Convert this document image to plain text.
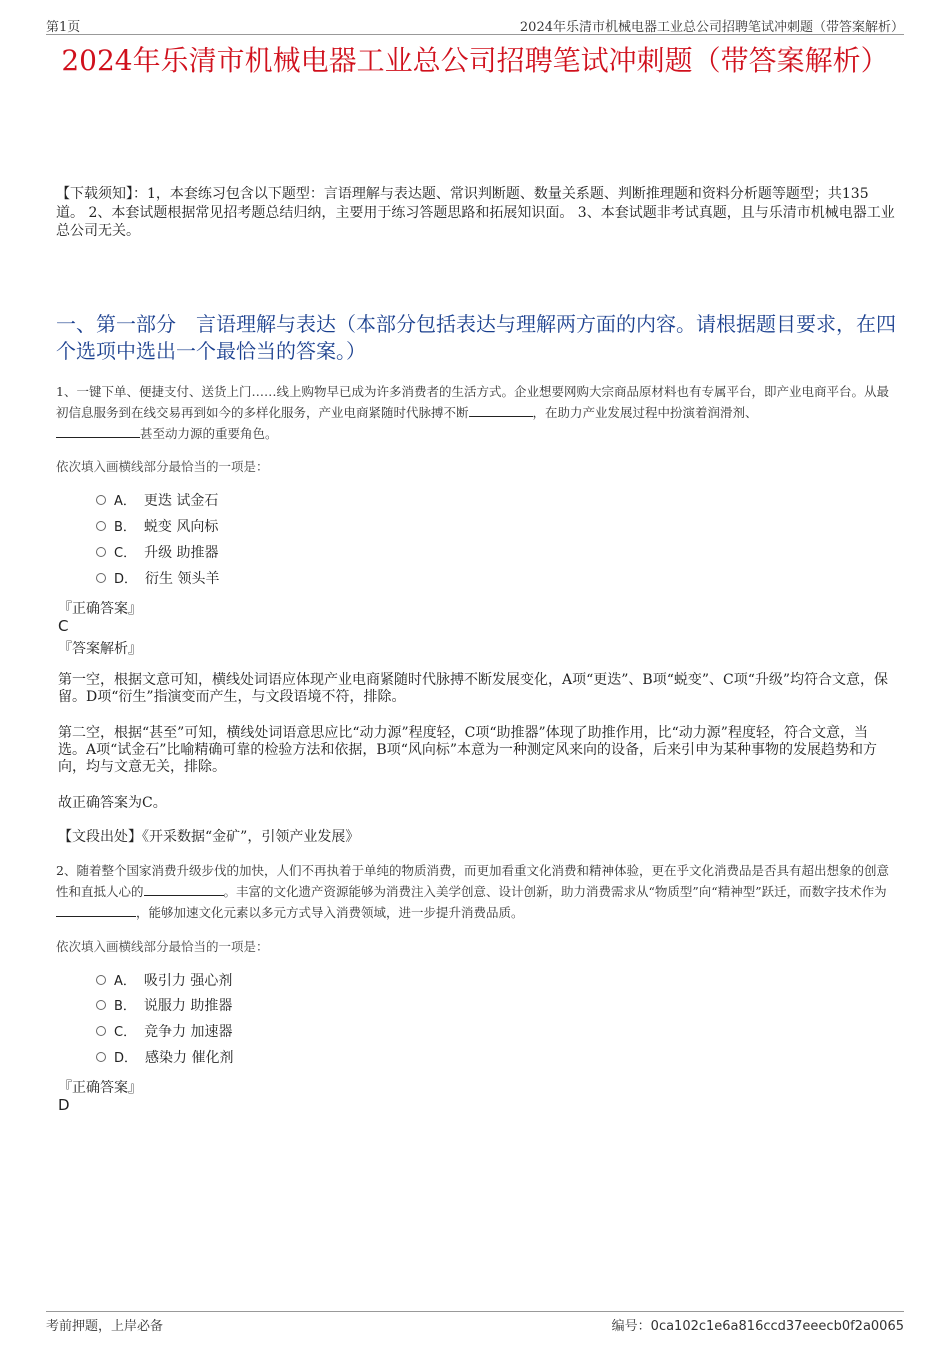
第1页	2024年乐清市机械电器工业总公司招聘笔试冲刺题（带答案解析）
2024年乐清市机械电器工业总公司招聘笔试冲刺题（带答案解析）
【下载须知】：1，本套练习包含以下题型：言语理解与表达题、常识判断题、数量关系题、判断推理题和资料分析题等题型；共135道。 2、本套试题根据常见招考题总结归纳，主要用于练习答题思路和拓展知识面。 3、本套试题非考试真题，且与乐清市机械电器工业总公司无关。
一、第一部分　言语理解与表达（本部分包括表达与理解两方面的内容。请根据题目要求，在四个选项中选出一个最恰当的答案。）
1、一键下单、便捷支付、送货上门……线上购物早已成为许多消费者的生活方式。企业想要网购大宗商品原材料也有专属平台，即产业电商平台。从最初信息服务到在线交易再到如今的多样化服务，产业电商紧随时代脉搏不断	，在助力产业发展过程中扮演着润滑剂、
甚至动力源的重要角色。
依次填入画横线部分最恰当的一项是：
A． 更迭 试金石
B． 蜕变 风向标
C． 升级 助推器
D． 衍生 领头羊
『正确答案』
C
『答案解析』
第一空，根据文意可知，横线处词语应体现产业电商紧随时代脉搏不断发展变化，A项“更迭”、B项“蜕变”、C项“升级”均符合文意，保留。D项“衍生”指演变而产生，与文段语境不符，排除。
第二空，根据“甚至”可知，横线处词语意思应比“动力源”程度轻，C项“助推器”体现了助推作用，比“动力源”程度轻，符合文意，当选。A项“试金石”比喻精确可靠的检验方法和依据，B项“风向标”本意为一种测定风来向的设备，后来引申为某种事物的发展趋势和方向，均与文意无关，排除。
故正确答案为C。
【文段出处】《开采数据“金矿”，引领产业发展》
2、随着整个国家消费升级步伐的加快，人们不再执着于单纯的物质消费，而更加看重文化消费和精神体验，更在乎文化消费品是否具有超出想象的创意性和直抵人心的	。丰富的文化遗产资源能够为消费注入美学创意、设计创新，助力消费需求从“物质型”向“精神型”跃迁，而数字技术作为，能够加速文化元素以多元方式导入消费领域，进一步提升消费品质。
依次填入画横线部分最恰当的一项是：
A． 吸引力 强心剂
B． 说服力 助推器
C． 竞争力 加速器
D． 感染力 催化剂
『正确答案』
D
考前押题，上岸必备	编号：0ca102c1e6a816ccd37eeecb0f2a0065
